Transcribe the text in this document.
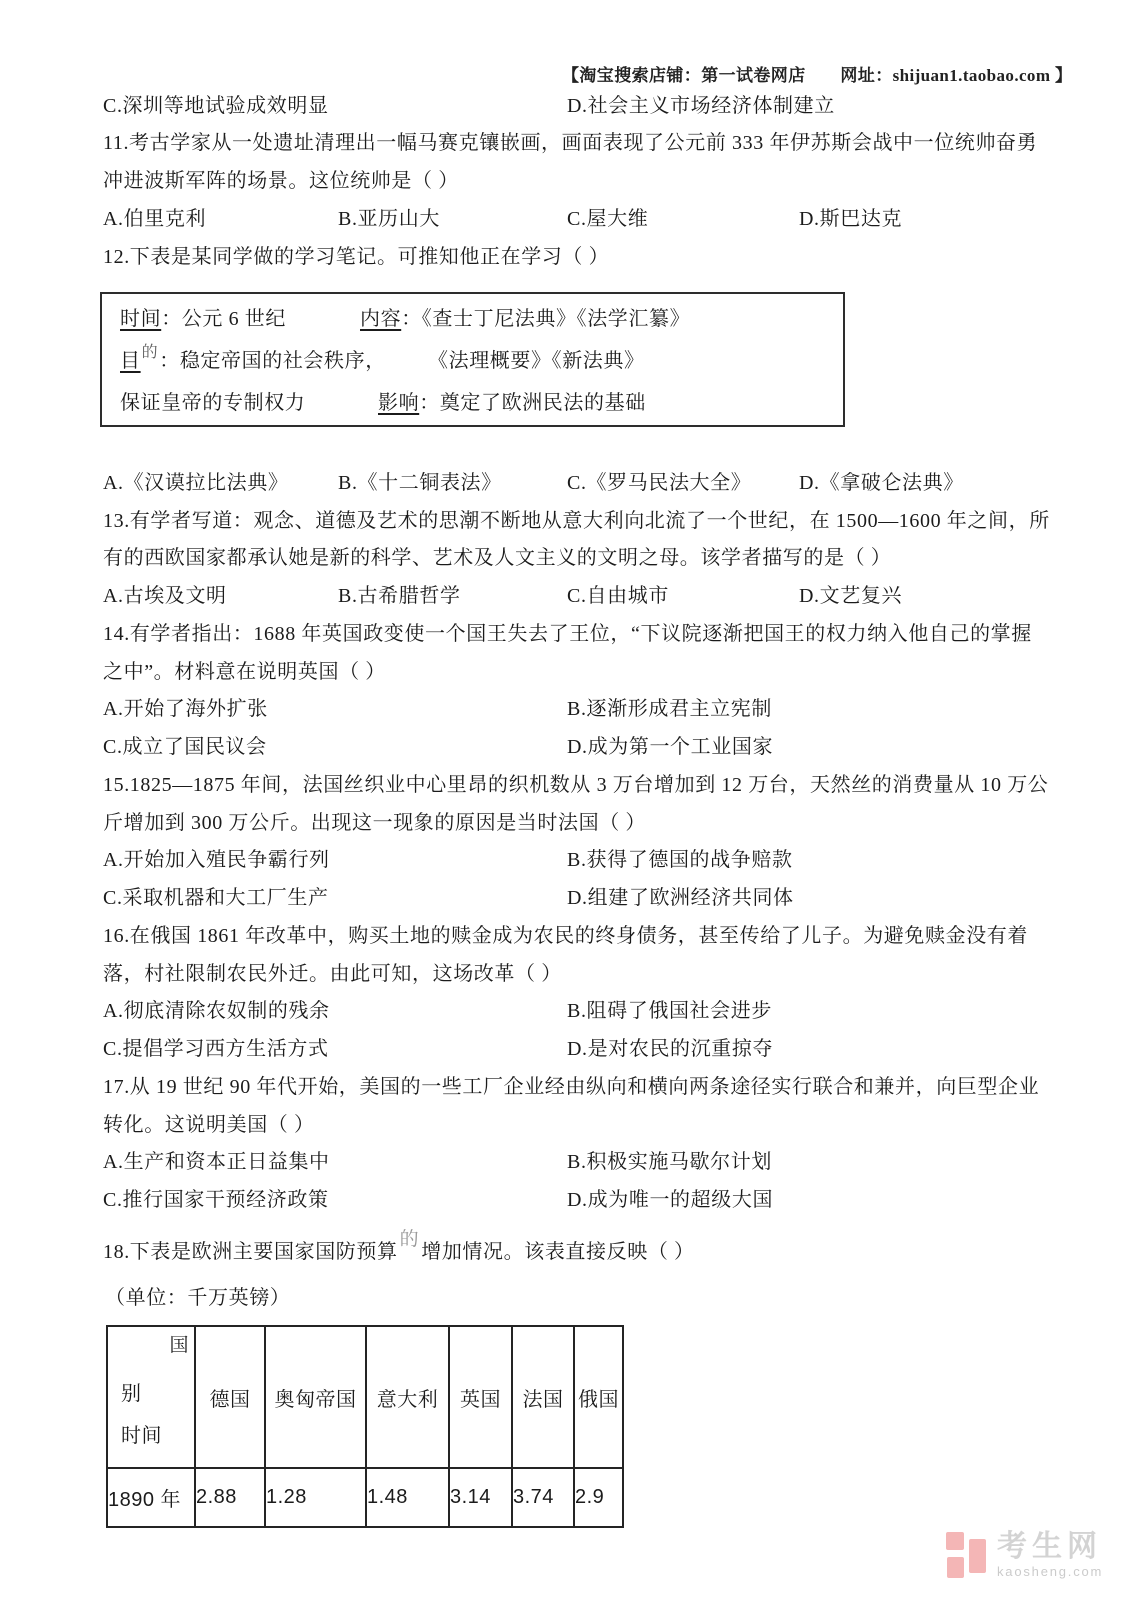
【淘宝搜索店铺：第一试卷网店　　网址：shijuan1.taobao.com 】
C.深圳等地试验成效明显	D.社会主义市场经济体制建立
11.考古学家从一处遗址清理出一幅马赛克镶嵌画，画面表现了公元前 333 年伊苏斯会战中一位统帅奋勇
冲进波斯军阵的场景。这位统帅是（ ）
A.伯里克利	B.亚历山大	C.屋大维	D.斯巴达克
12.下表是某同学做的学习笔记。可推知他正在学习（ ）
时间：公元 6 世纪	内容：《查士丁尼法典》《法学汇纂》
目$^的$：稳定帝国的社会秩序， 《法理概要》《新法典》
保证皇帝的专制权力	影响：奠定了欧洲民法的基础
A.《汉谟拉比法典》 B.《十二铜表法》	C.《罗马民法大全》 D.《拿破仑法典》
13.有学者写道：观念、道德及艺术的思潮不断地从意大利向北流了一个世纪，在 1500—1600 年之间，所
有的西欧国家都承认她是新的科学、艺术及人文主义的文明之母。该学者描写的是（ ）
A.古埃及文明	B.古希腊哲学	C.自由城市	D.文艺复兴
14.有学者指出：1688 年英国政变使一个国王失去了王位，“下议院逐渐把国王的权力纳入他自己的掌握
之中”。材料意在说明英国（ ）
A.开始了海外扩张	B.逐渐形成君主立宪制
C.成立了国民议会	D.成为第一个工业国家
15.1825—1875 年间，法国丝织业中心里昂的织机数从 3 万台增加到 12 万台，天然丝的消费量从 10 万公
斤增加到 300 万公斤。出现这一现象的原因是当时法国（ ）
A.开始加入殖民争霸行列	B.获得了德国的战争赔款
C.采取机器和大工厂生产	D.组建了欧洲经济共同体
16.在俄国 1861 年改革中，购买土地的赎金成为农民的终身债务，甚至传给了儿子。为避免赎金没有着
落，村社限制农民外迁。由此可知，这场改革（ ）
A.彻底清除农奴制的残余	B.阻碍了俄国社会进步
C.提倡学习西方生活方式	D.是对农民的沉重掠夺
17.从 19 世纪 90 年代开始，美国的一些工厂企业经由纵向和横向两条途径实行联合和兼并，向巨型企业
转化。这说明美国（ ）
A.生产和资本正日益集中	B.积极实施马歇尔计划
C.推行国家干预经济政策	D.成为唯一的超级大国
18.下表是欧洲主要国家国防预算的增加情况。该表直接反映（ ）
（单位：千万英镑）
国
别
时间	德国	奥匈帝国	意大利	英国	法国	俄国
1890 年	2.88	1.28	1.48	3.14	3.74	2.9
考生网
kaosheng.com
